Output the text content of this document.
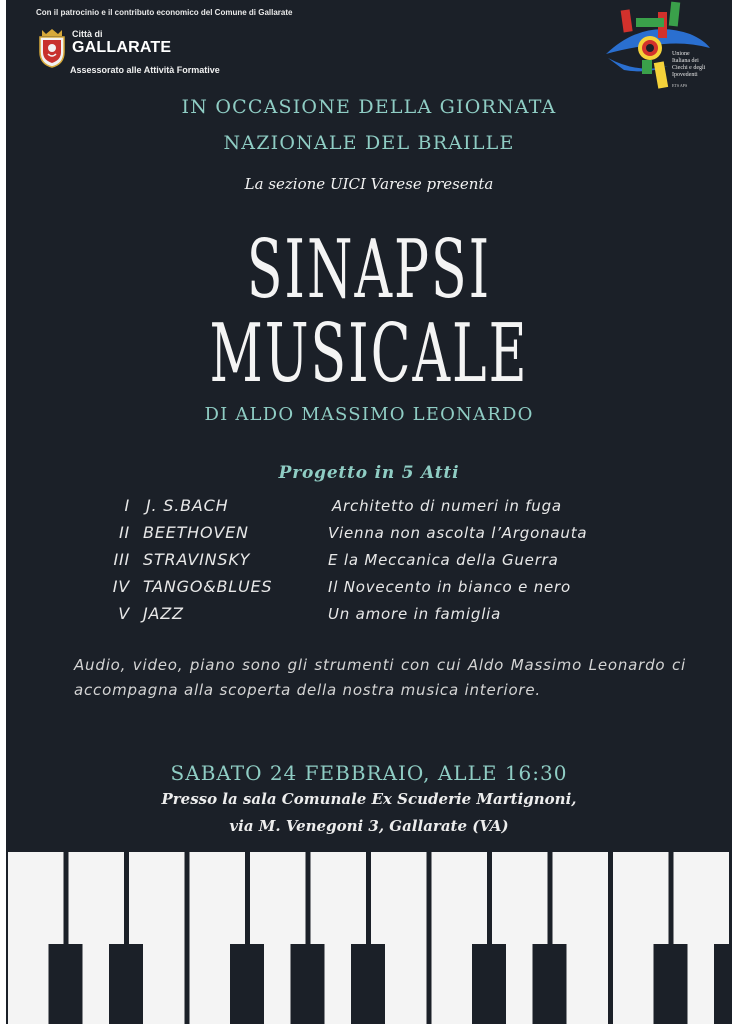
Con il patrocinio e il contributo economico del Comune di Gallarate
Città di
GALLARATE
Assessorato alle Attività Formative
Unione
Italiana dei
Ciechi e degli
Ipovedenti
ETS APS
IN OCCASIONE DELLA GIORNATA
NAZIONALE DEL BRAILLE
La sezione UICI Varese presenta
SINAPSI
MUSICALE
DI ALDO MASSIMO LEONARDO
Progetto in 5 Atti
I J. S.BACH	Architetto di numeri in fuga
II BEETHOVEN	Vienna non ascolta l’Argonauta
III STRAVINSKY	E la Meccanica della Guerra
IV TANGO&BLUES	Il Novecento in bianco e nero
V JAZZ	Un amore in famiglia
Audio, video, piano sono gli strumenti con cui Aldo Massimo Leonardo ci accompagna alla scoperta della nostra musica interiore.
SABATO 24 FEBBRAIO, ALLE 16:30
Presso la sala Comunale Ex Scuderie Martignoni,
via M. Venegoni 3, Gallarate (VA)
